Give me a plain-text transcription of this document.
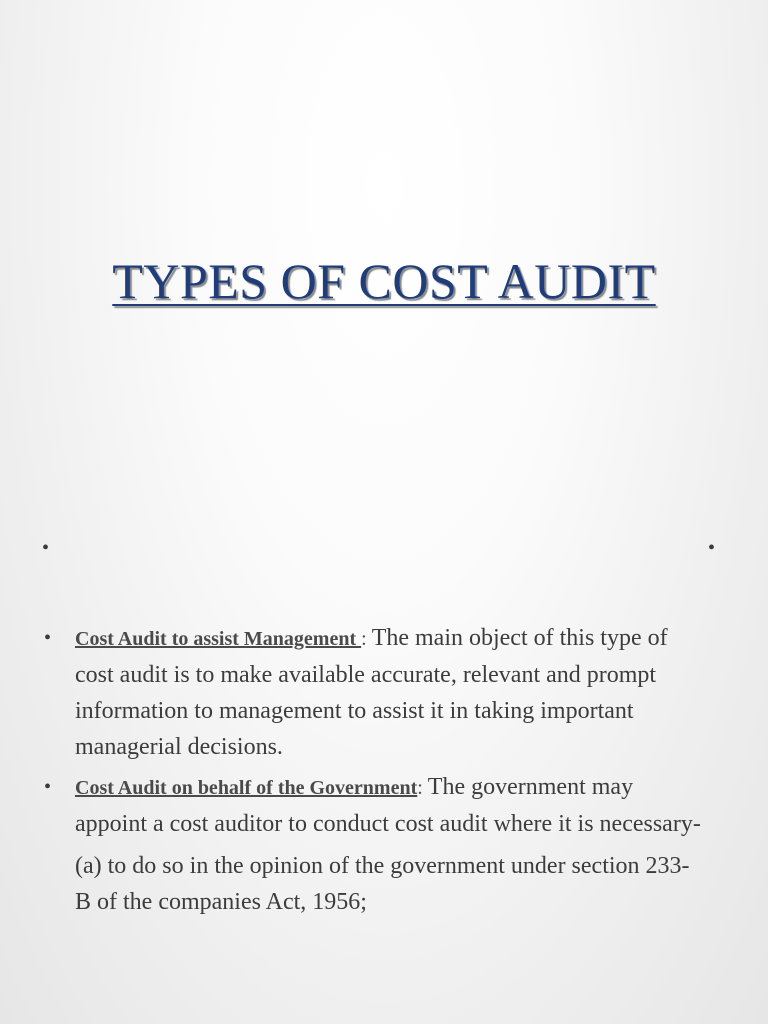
TYPES OF COST AUDIT
•	•
• Cost Audit to assist Management : The main object of this type of cost audit is to make available accurate, relevant and prompt information to management to assist it in taking important managerial decisions.
• Cost Audit on behalf of the Government: The government may appoint a cost auditor to conduct cost audit where it is necessary-
(a) to do so in the opinion of the government under section 233-B of the companies Act, 1956;
